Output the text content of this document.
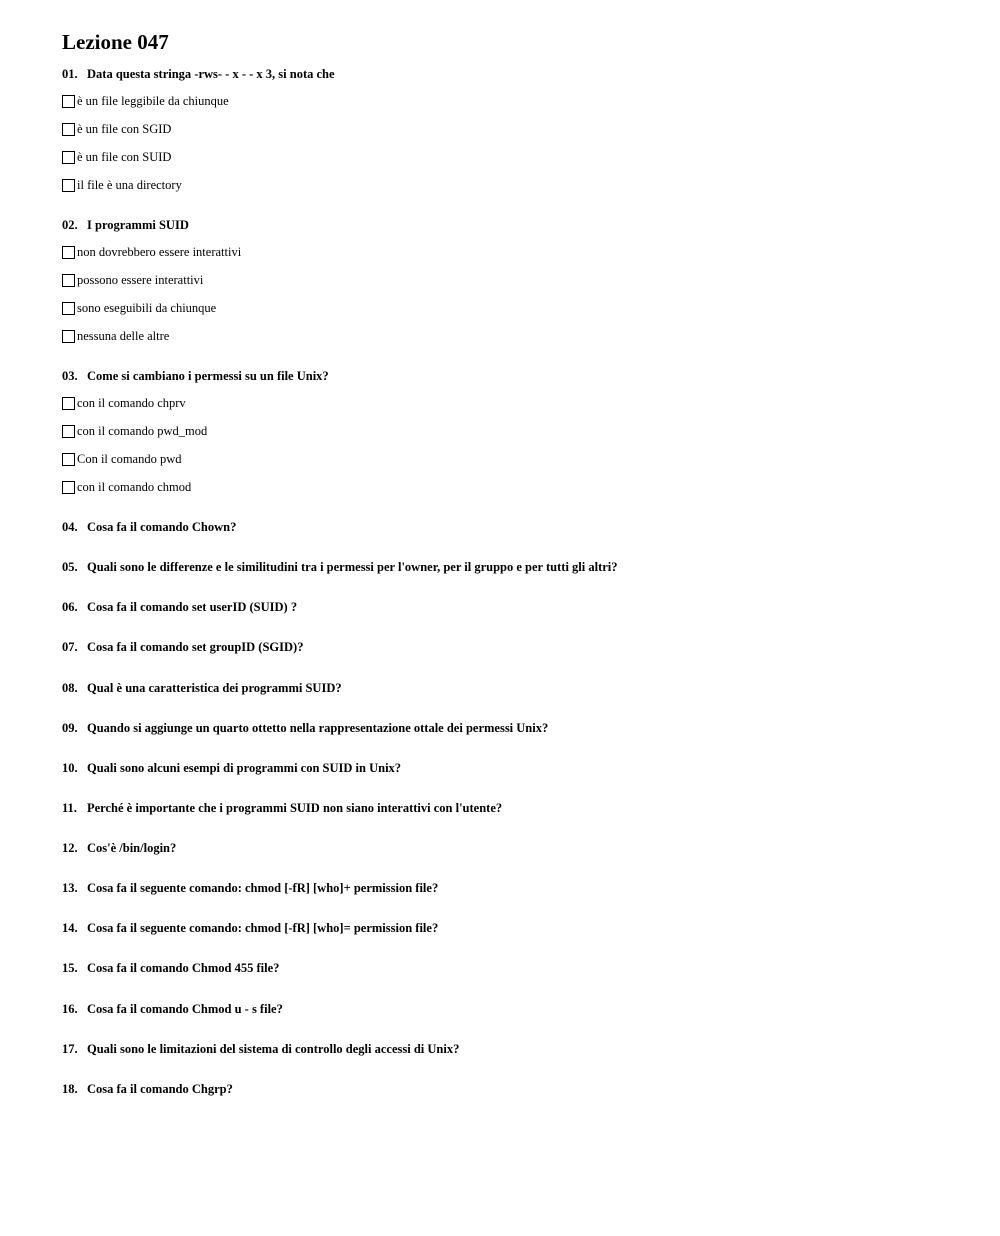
Lezione 047
01. Data questa stringa -rws- - x - - x 3, si nota che
è un file leggibile da chiunque
è un file con SGID
è un file con SUID
il file è una directory
02. I programmi SUID
non dovrebbero essere interattivi
possono essere interattivi
sono eseguibili da chiunque
nessuna delle altre
03. Come si cambiano i permessi su un file Unix?
con il comando chprv
con il comando pwd_mod
Con il comando pwd
con il comando chmod
04. Cosa fa il comando Chown?
05. Quali sono le differenze e le similitudini tra i permessi per l'owner, per il gruppo e per tutti gli altri?
06. Cosa fa il comando set userID (SUID) ?
07. Cosa fa il comando set groupID (SGID)?
08. Qual è una caratteristica dei programmi SUID?
09. Quando si aggiunge un quarto ottetto nella rappresentazione ottale dei permessi Unix?
10. Quali sono alcuni esempi di programmi con SUID in Unix?
11. Perché è importante che i programmi SUID non siano interattivi con l'utente?
12. Cos'è /bin/login?
13. Cosa fa il seguente comando: chmod [-fR] [who]+ permission file?
14. Cosa fa il seguente comando: chmod [-fR] [who]= permission file?
15. Cosa fa il comando Chmod 455 file?
16. Cosa fa il comando Chmod u - s file?
17. Quali sono le limitazioni del sistema di controllo degli accessi di Unix?
18. Cosa fa il comando Chgrp?
